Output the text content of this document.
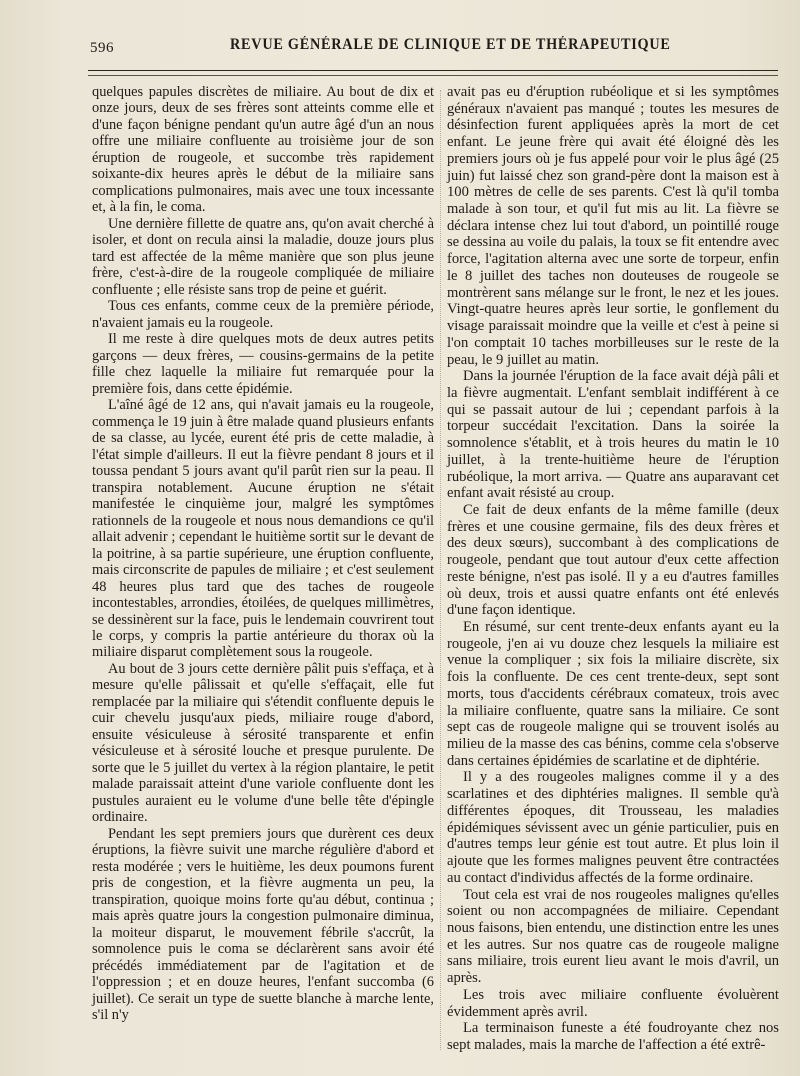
596	REVUE GÉNÉRALE DE CLINIQUE ET DE THÉRAPEUTIQUE

quelques papules discrètes de miliaire. Au bout de dix et onze jours, deux de ses frères sont atteints comme elle et d'une façon bénigne pendant qu'un autre âgé d'un an nous offre une miliaire confluente au troisième jour de son éruption de rougeole, et succombe très rapidement soixante-dix heures après le début de la miliaire sans complications pulmonaires, mais avec une toux incessante et, à la fin, le coma.

Une dernière fillette de quatre ans, qu'on avait cherché à isoler, et dont on recula ainsi la maladie, douze jours plus tard est affectée de la même manière que son plus jeune frère, c'est-à-dire de la rougeole compliquée de miliaire confluente ; elle résiste sans trop de peine et guérit.

Tous ces enfants, comme ceux de la première période, n'avaient jamais eu la rougeole.

Il me reste à dire quelques mots de deux autres petits garçons — deux frères, — cousins-germains de la petite fille chez laquelle la miliaire fut remarquée pour la première fois, dans cette épidémie.

L'aîné âgé de 12 ans, qui n'avait jamais eu la rougeole, commença le 19 juin à être malade quand plusieurs enfants de sa classe, au lycée, eurent été pris de cette maladie, à l'état simple d'ailleurs. Il eut la fièvre pendant 8 jours et il toussa pendant 5 jours avant qu'il parût rien sur la peau. Il transpira notablement. Aucune éruption ne s'était manifestée le cinquième jour, malgré les symptômes rationnels de la rougeole et nous nous demandions ce qu'il allait advenir ; cependant le huitième sortit sur le devant de la poitrine, à sa partie supérieure, une éruption confluente, mais circonscrite de papules de miliaire ; et c'est seulement 48 heures plus tard que des taches de rougeole incontestables, arrondies, étoilées, de quelques millimètres, se dessinèrent sur la face, puis le lendemain couvrirent tout le corps, y compris la partie antérieure du thorax où la miliaire disparut complètement sous la rougeole.

Au bout de 3 jours cette dernière pâlit puis s'effaça, et à mesure qu'elle pâlissait et qu'elle s'effaçait, elle fut remplacée par la miliaire qui s'étendit confluente depuis le cuir chevelu jusqu'aux pieds, miliaire rouge d'abord, ensuite vésiculeuse à sérosité transparente et enfin vésiculeuse et à sérosité louche et presque purulente. De sorte que le 5 juillet du vertex à la région plantaire, le petit malade paraissait atteint d'une variole confluente dont les pustules auraient eu le volume d'une belle tête d'épingle ordinaire.

Pendant les sept premiers jours que durèrent ces deux éruptions, la fièvre suivit une marche régulière d'abord et resta modérée ; vers le huitième, les deux poumons furent pris de congestion, et la fièvre augmenta un peu, la transpiration, quoique moins forte qu'au début, continua ; mais après quatre jours la congestion pulmonaire diminua, la moiteur disparut, le mouvement fébrile s'accrût, la somnolence puis le coma se déclarèrent sans avoir été précédés immédiatement par de l'agitation et de l'oppression ; et en douze heures, l'enfant succomba (6 juillet). Ce serait un type de suette blanche à marche lente, s'il n'y

avait pas eu d'éruption rubéolique et si les symptômes généraux n'avaient pas manqué ; toutes les mesures de désinfection furent appliquées après la mort de cet enfant. Le jeune frère qui avait été éloigné dès les premiers jours où je fus appelé pour voir le plus âgé (25 juin) fut laissé chez son grand-père dont la maison est à 100 mètres de celle de ses parents. C'est là qu'il tomba malade à son tour, et qu'il fut mis au lit. La fièvre se déclara intense chez lui tout d'abord, un pointillé rouge se dessina au voile du palais, la toux se fit entendre avec force, l'agitation alterna avec une sorte de torpeur, enfin le 8 juillet des taches non douteuses de rougeole se montrèrent sans mélange sur le front, le nez et les joues. Vingt-quatre heures après leur sortie, le gonflement du visage paraissait moindre que la veille et c'est à peine si l'on comptait 10 taches morbilleuses sur le reste de la peau, le 9 juillet au matin.

Dans la journée l'éruption de la face avait déjà pâli et la fièvre augmentait. L'enfant semblait indifférent à ce qui se passait autour de lui ; cependant parfois à la torpeur succédait l'excitation. Dans la soirée la somnolence s'établit, et à trois heures du matin le 10 juillet, à la trente-huitième heure de l'éruption rubéolique, la mort arriva. — Quatre ans auparavant cet enfant avait résisté au croup.

Ce fait de deux enfants de la même famille (deux frères et une cousine germaine, fils des deux frères et des deux sœurs), succombant à des complications de rougeole, pendant que tout autour d'eux cette affection reste bénigne, n'est pas isolé. Il y a eu d'autres familles où deux, trois et aussi quatre enfants ont été enlevés d'une façon identique.

En résumé, sur cent trente-deux enfants ayant eu la rougeole, j'en ai vu douze chez lesquels la miliaire est venue la compliquer ; six fois la miliaire discrète, six fois la confluente. De ces cent trente-deux, sept sont morts, tous d'accidents cérébraux comateux, trois avec la miliaire confluente, quatre sans la miliaire. Ce sont sept cas de rougeole maligne qui se trouvent isolés au milieu de la masse des cas bénins, comme cela s'observe dans certaines épidémies de scarlatine et de diphtérie.

Il y a des rougeoles malignes comme il y a des scarlatines et des diphtéries malignes. Il semble qu'à différentes époques, dit Trousseau, les maladies épidémiques sévissent avec un génie particulier, puis en d'autres temps leur génie est tout autre. Et plus loin il ajoute que les formes malignes peuvent être contractées au contact d'individus affectés de la forme ordinaire.

Tout cela est vrai de nos rougeoles malignes qu'elles soient ou non accompagnées de miliaire. Cependant nous faisons, bien entendu, une distinction entre les unes et les autres. Sur nos quatre cas de rougeole maligne sans miliaire, trois eurent lieu avant le mois d'avril, un après.

Les trois avec miliaire confluente évoluèrent évidemment après avril.

La terminaison funeste a été foudroyante chez nos sept malades, mais la marche de l'affection a été extrê-
